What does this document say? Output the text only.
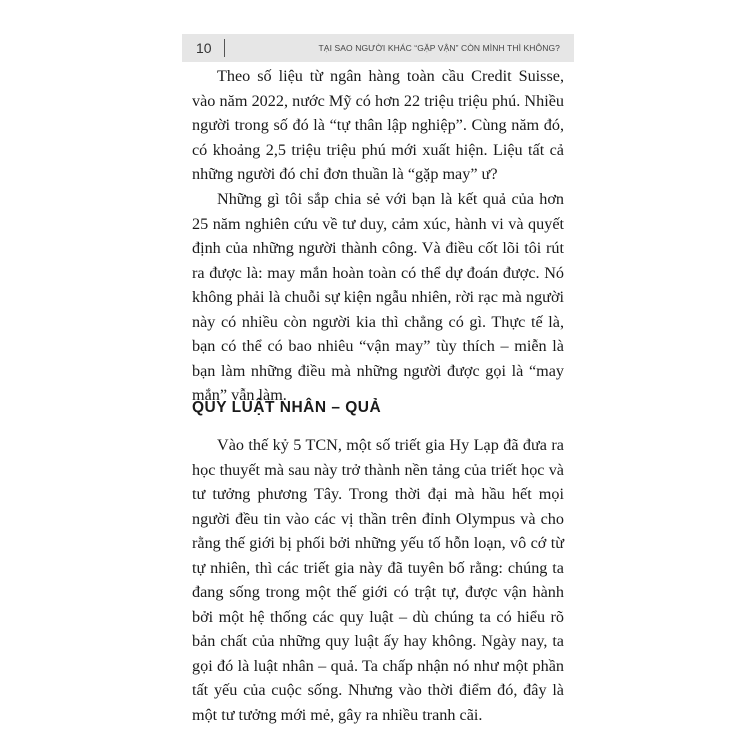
10	TẠI SAO NGƯỜI KHÁC “GẶP VẬN” CÒN MÌNH THÌ KHÔNG?

Theo số liệu từ ngân hàng toàn cầu Credit Suisse, vào năm 2022, nước Mỹ có hơn 22 triệu triệu phú. Nhiều người trong số đó là “tự thân lập nghiệp”. Cùng năm đó, có khoảng 2,5 triệu triệu phú mới xuất hiện. Liệu tất cả những người đó chỉ đơn thuần là “gặp may” ư?

Những gì tôi sắp chia sẻ với bạn là kết quả của hơn 25 năm nghiên cứu về tư duy, cảm xúc, hành vi và quyết định của những người thành công. Và điều cốt lõi tôi rút ra được là: may mắn hoàn toàn có thể dự đoán được. Nó không phải là chuỗi sự kiện ngẫu nhiên, rời rạc mà người này có nhiều còn người kia thì chẳng có gì. Thực tế là, bạn có thể có bao nhiêu “vận may” tùy thích – miễn là bạn làm những điều mà những người được gọi là “may mắn” vẫn làm.

QUY LUẬT NHÂN – QUẢ

Vào thế kỷ 5 TCN, một số triết gia Hy Lạp đã đưa ra học thuyết mà sau này trở thành nền tảng của triết học và tư tưởng phương Tây. Trong thời đại mà hầu hết mọi người đều tin vào các vị thần trên đỉnh Olympus và cho rằng thế giới bị phối bởi những yếu tố hỗn loạn, vô cớ từ tự nhiên, thì các triết gia này đã tuyên bố rằng: chúng ta đang sống trong một thế giới có trật tự, được vận hành bởi một hệ thống các quy luật – dù chúng ta có hiểu rõ bản chất của những quy luật ấy hay không. Ngày nay, ta gọi đó là luật nhân – quả. Ta chấp nhận nó như một phần tất yếu của cuộc sống. Nhưng vào thời điểm đó, đây là một tư tưởng mới mẻ, gây ra nhiều tranh cãi.
